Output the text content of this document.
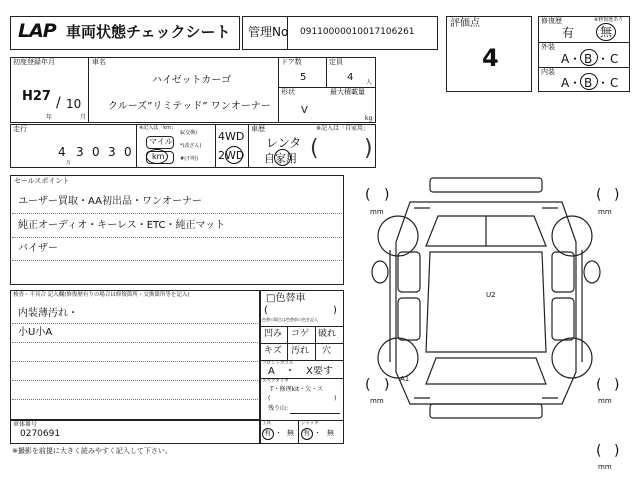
LAP 車両状態チェックシート 管理No 09110000010017106261
評価点
4
修復歴	※修復歴あり
有 無
外装
A ・ B ・ C
内装
A ・ B ・ C
初度登録年月
H27 / 10
年	月
車名
ハイゼットカーゴ
クルーズ”リミテッド” ワンオーナー
ドア数
5
定員
4 人
形状
V
最大積載量
kg
走行
4 3 0 3 0
万
※記入は「km」
マイル
km
$(交換)
*(改ざん)
#(不明)
4WD
2WD
車歴	※記入は「自家用」
レンタ
自家用 ( )
セールスポイント
ユーザー買取・AA初出品・ワンオーナー
純正オーディオ・キーレス・ETC・純正マット
バイザー
検査・不具合 記入欄(修復歴有りの場合は修復箇所・交換箇所等を記入)
内装薄汚れ・
小U小A
車体番号
0270691
□色替車
(	)
色替の場合は色替前の色を記入
凹み コゲ 破れ
キズ 汚れ 穴
フロントガラス
A ・ X要す
スペアタイヤ
T・修理kit・欠・ス
(	)
残り山:
工具
有 ・ 無
ジャッキ
有 ・ 無
( )
mm
( )
mm
( )
mm
( )
mm
( )
mm
U2
A1
※撮影を前提に大きく読みやすく記入して下さい。
